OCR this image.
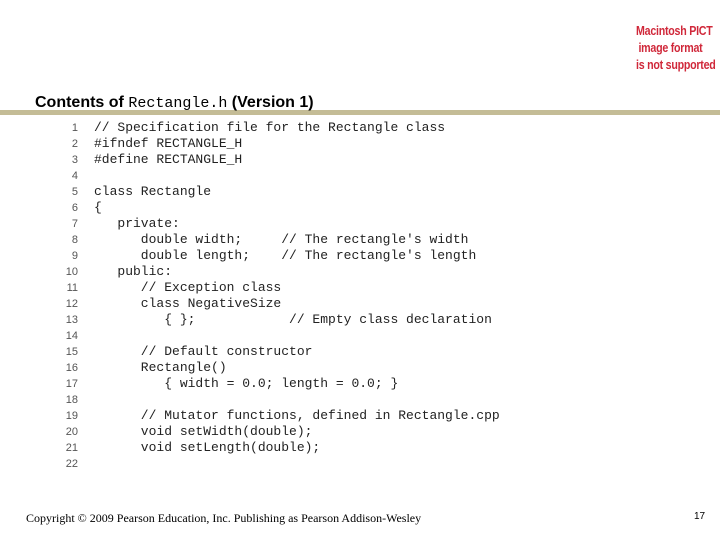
Macintosh PICT
image format
is not supported
Contents of Rectangle.h (Version 1)
1 // Specification file for the Rectangle class
2 #ifndef RECTANGLE_H
3 #define RECTANGLE_H
4
5 class Rectangle
6 {
7   private:
8      double width;     // The rectangle's width
9      double length;    // The rectangle's length
10   public:
11      // Exception class
12      class NegativeSize
13         { };            // Empty class declaration
14
15      // Default constructor
16      Rectangle()
17         { width = 0.0; length = 0.0; }
18
19      // Mutator functions, defined in Rectangle.cpp
20      void setWidth(double);
21      void setLength(double);
22
Copyright © 2009 Pearson Education, Inc. Publishing as Pearson Addison-Wesley	17
